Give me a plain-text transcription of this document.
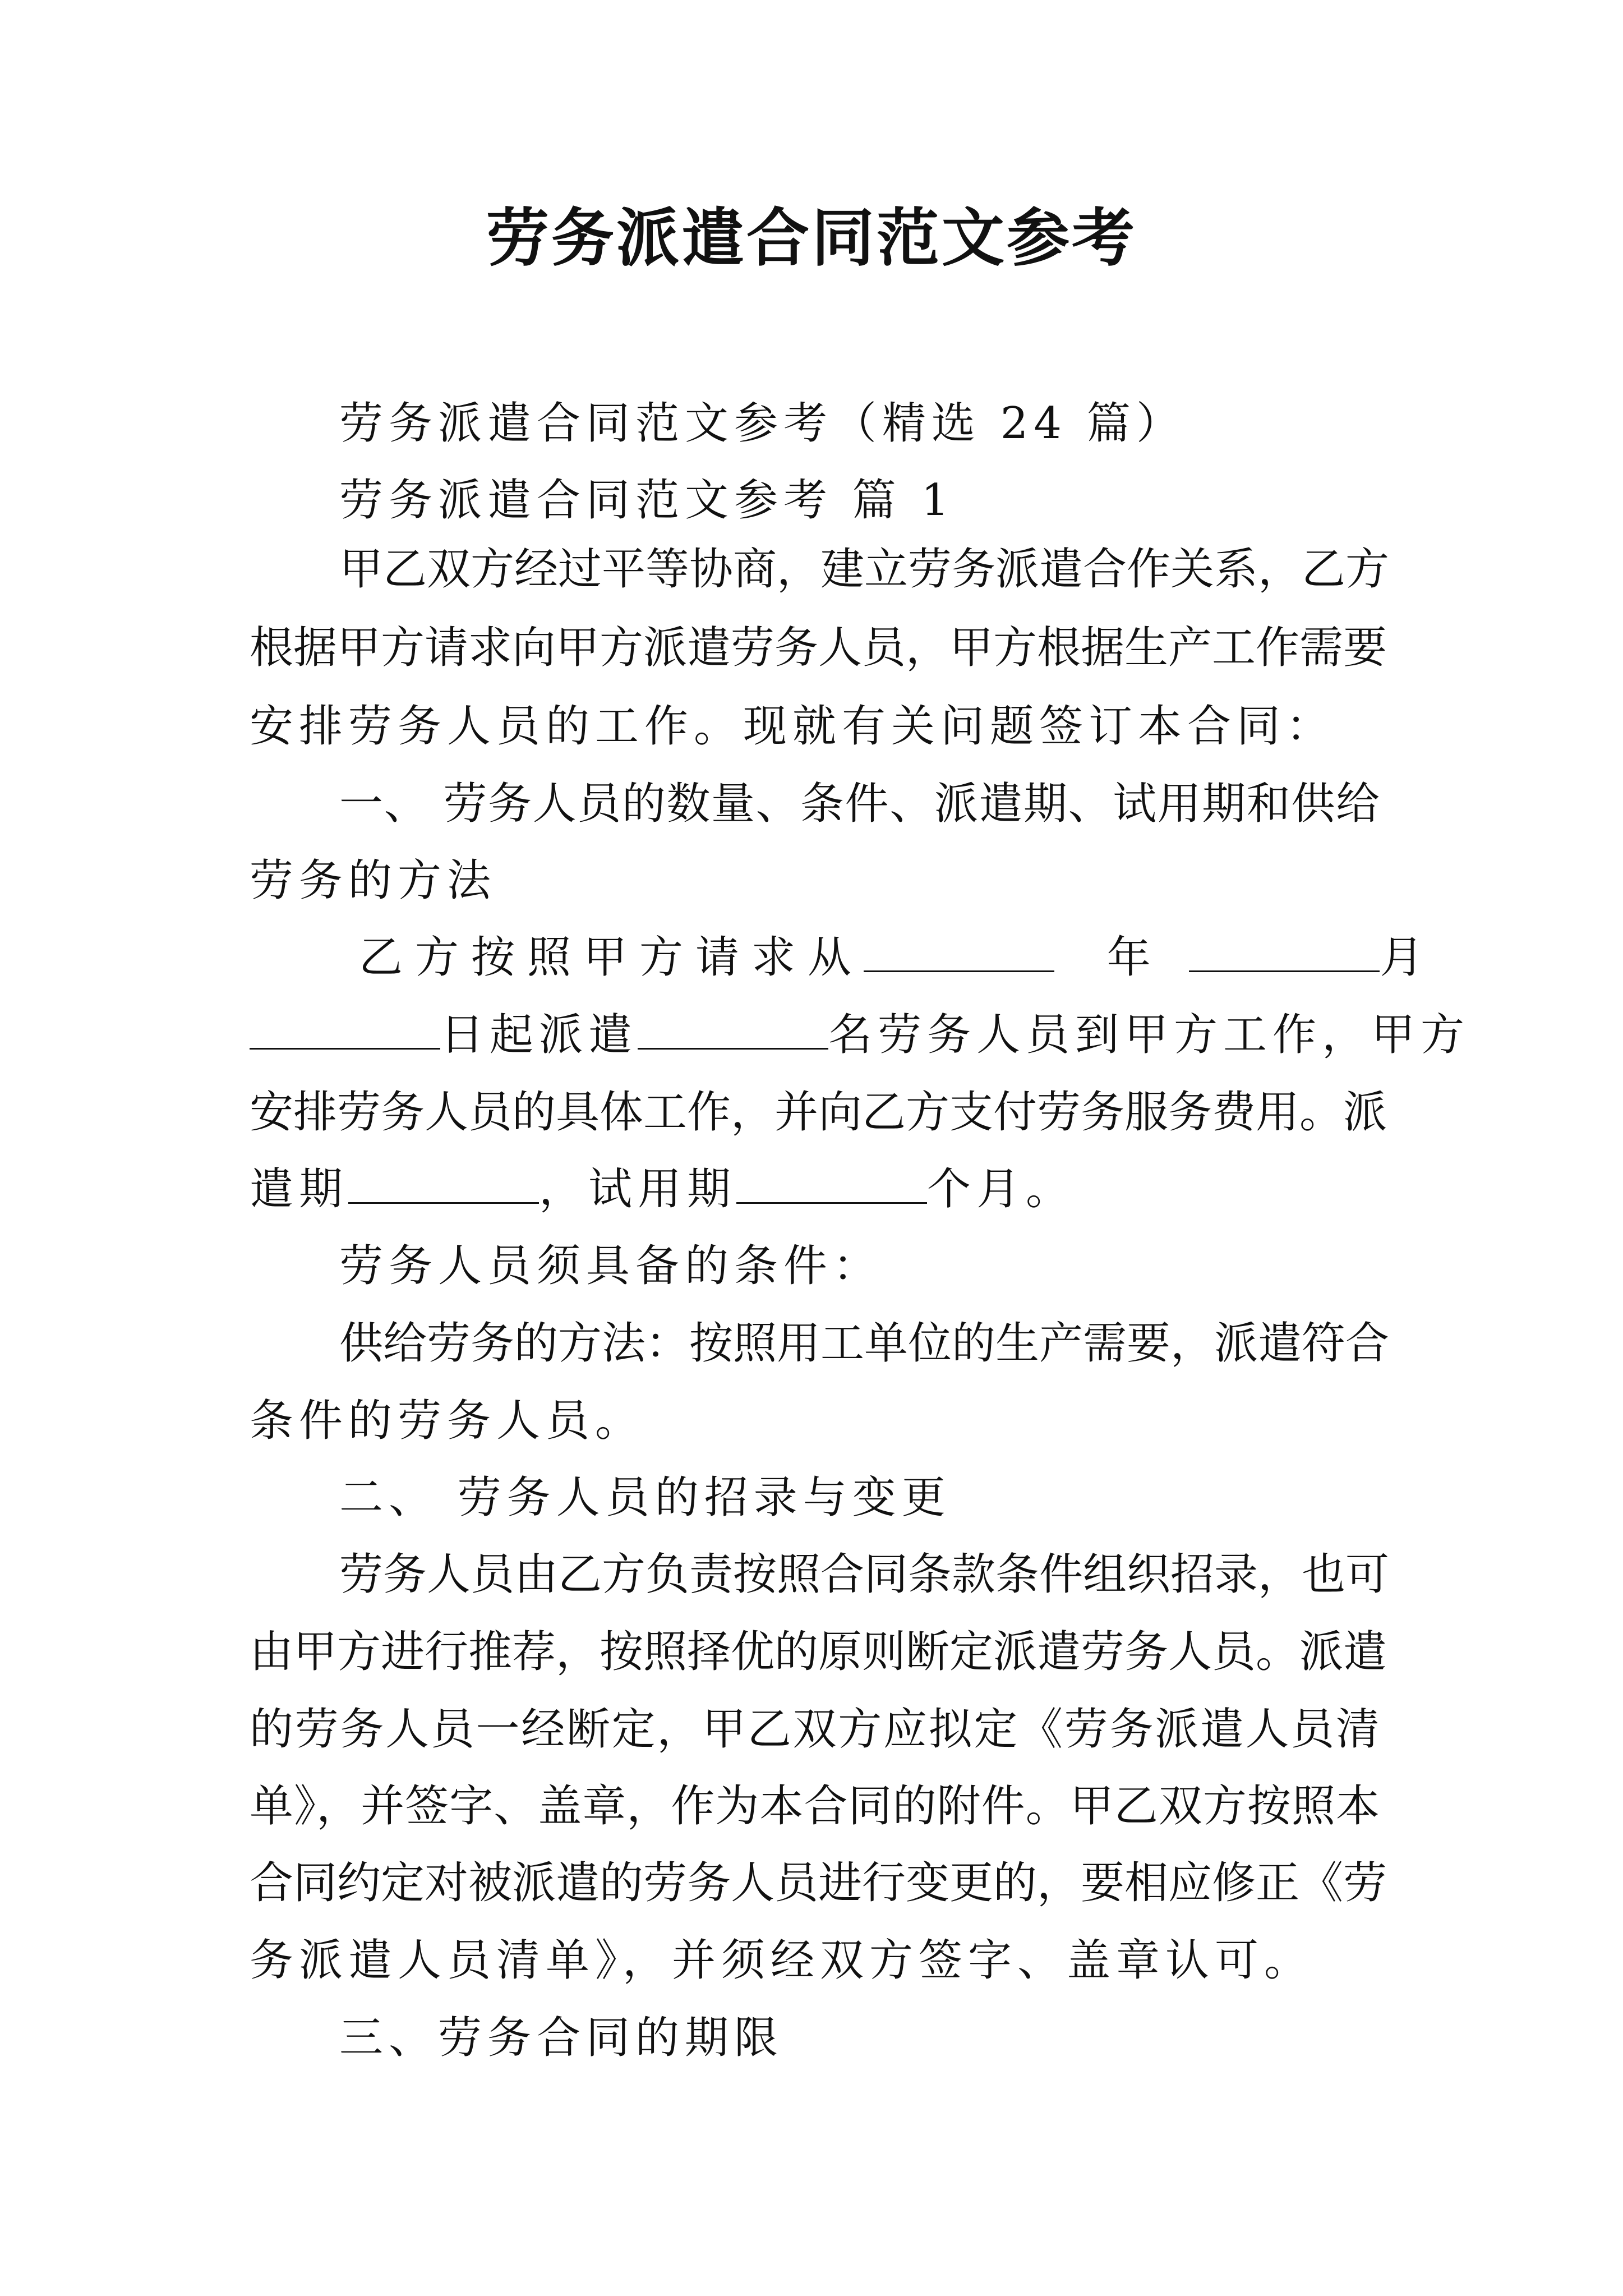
劳务派遣合同范文参考
劳务派遣合同范文参考（精选 24 篇）
劳务派遣合同范文参考 篇 1
甲乙双方经过平等协商，建立劳务派遣合作关系，乙方
根据甲方请求向甲方派遣劳务人员，甲方根据生产工作需要
安排劳务人员的工作。现就有关问题签订本合同：
一、 劳务人员的数量、条件、派遣期、试用期和供给
劳务的方法
乙方按照甲方请求从	年	月
日起派遣	名劳务人员到甲方工作，甲方
安排劳务人员的具体工作，并向乙方支付劳务服务费用。派
遣期	，试用期	个月。
劳务人员须具备的条件：
供给劳务的方法：按照用工单位的生产需要，派遣符合
条件的劳务人员。
二、 劳务人员的招录与变更
劳务人员由乙方负责按照合同条款条件组织招录，也可
由甲方进行推荐，按照择优的原则断定派遣劳务人员。派遣
的劳务人员一经断定，甲乙双方应拟定《劳务派遣人员清
单》，并签字、盖章，作为本合同的附件。甲乙双方按照本
合同约定对被派遣的劳务人员进行变更的，要相应修正《劳
务派遣人员清单》，并须经双方签字、盖章认可。
三、劳务合同的期限
